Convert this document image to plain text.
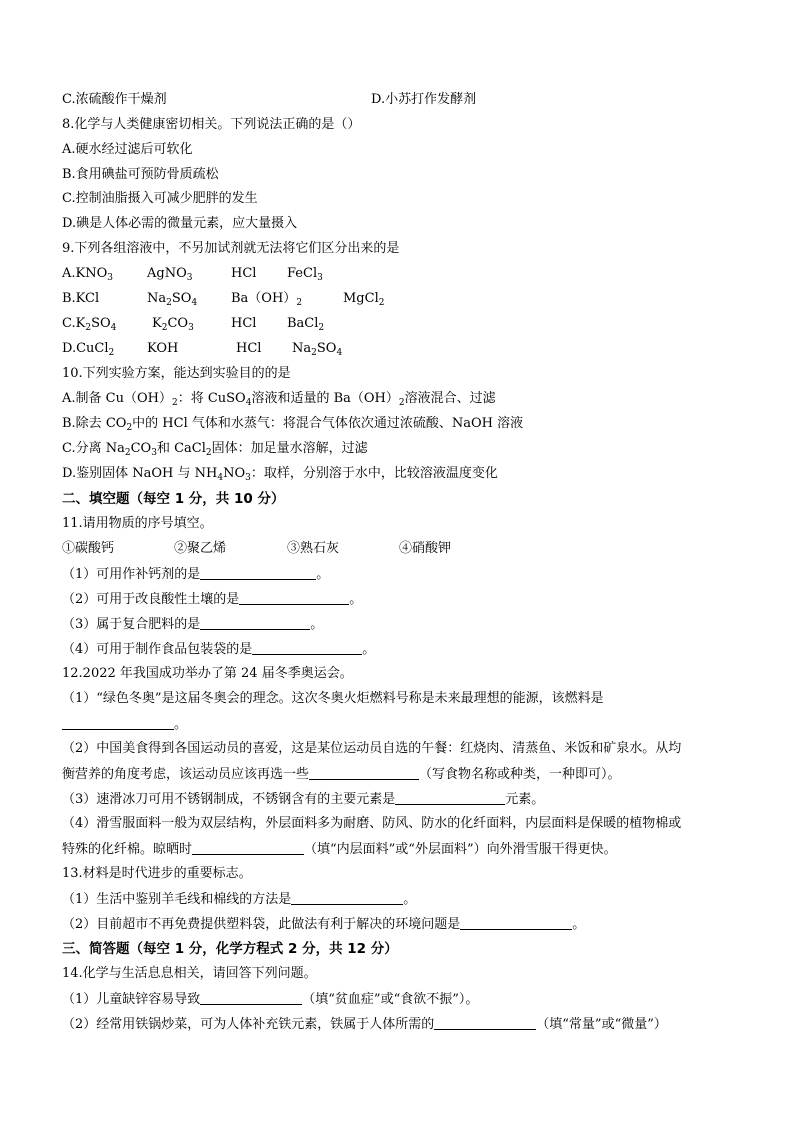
C.浓硫酸作干燥剂	D.小苏打作发酵剂
8.化学与人类健康密切相关。下列说法正确的是（）
A.硬水经过滤后可软化
B.食用碘盐可预防骨质疏松
C.控制油脂摄入可减少肥胖的发生
D.碘是人体必需的微量元素，应大量摄入
9.下列各组溶液中，不另加试剂就无法将它们区分出来的是
$A.KNO_3$	AgNO$_3$	HCl FeCl$_3$
B.KCl	$Na_2SO_4$	$Ba(OH)_2$	MgCl$_2$
$C.K_2SO_4$	$K_2CO_3$	HCl BaCl$_2$
D.CuCl$_2$	KOH	HCl $Na_2SO_4$
10.下列实验方案，能达到实验目的的是
A.制备 $Cu(OH)_2$：将 CuSO$_4$溶液和适量的 $Ba(OH)_2$溶液混合、过滤
B.除去 $CO_2$中的 HCl 气体和水蒸气：将混合气体依次通过浓硫酸、NaOH 溶液
C.分离 $Na_2CO_3$和 CaCl$_2$固体：加足量水溶解，过滤
D.鉴别固体 NaOH 与 $NH_4NO_3$：取样，分别溶于水中，比较溶液温度变化
二、填空题（每空 1 分，共 10 分）
11.请用物质的序号填空。
①碳酸钙	②聚乙烯	③熟石灰	④硝酸钾
（1）可用作补钙剂的是	。
（2）可用于改良酸性土壤的是	。
（3）属于复合肥料的是	。
（4）可用于制作食品包装袋的是	。
12.2022 年我国成功举办了第 24 届冬季奥运会。
（1）“绿色冬奥”是这届冬奥会的理念。这次冬奥火炬燃料号称是未来最理想的能源，该燃料是
。
（2）中国美食得到各国运动员的喜爱，这是某位运动员自选的午餐：红烧肉、清蒸鱼、米饭和矿泉水。从均
衡营养的角度考虑，该运动员应该再选一些	（写食物名称或种类，一种即可）。
（3）速滑冰刀可用不锈钢制成，不锈钢含有的主要元素是	元素。
（4）滑雪服面料一般为双层结构，外层面料多为耐磨、防风、防水的化纤面料，内层面料是保暖的植物棉或
特殊的化纤棉。晾晒时	（填“内层面料”或“外层面料”）向外滑雪服干得更快。
13.材料是时代进步的重要标志。
（1）生活中鉴别羊毛线和棉线的方法是	。
（2）目前超市不再免费提供塑料袋，此做法有利于解决的环境问题是	。
三、简答题（每空 1 分，化学方程式 2 分，共 12 分）
14.化学与生活息息相关，请回答下列问题。
（1）儿童缺锌容易导致	（填“贫血症”或“食欲不振”）。
（2）经常用铁锅炒菜，可为人体补充铁元素，铁属于人体所需的	（填“常量”或“微量”）
